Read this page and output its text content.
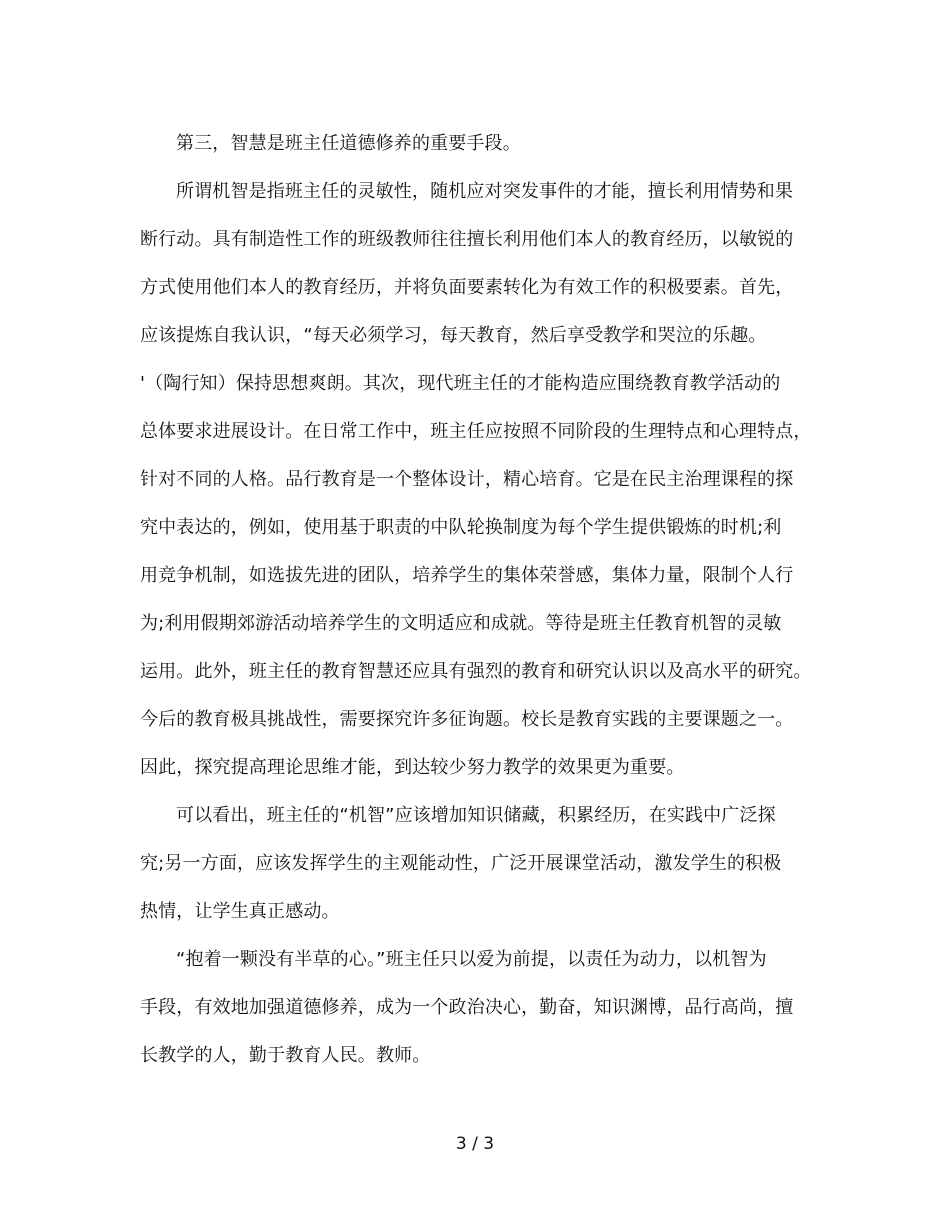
第三，智慧是班主任道德修养的重要手段。
所谓机智是指班主任的灵敏性，随机应对突发事件的才能，擅长利用情势和果
断行动。具有制造性工作的班级教师往往擅长利用他们本人的教育经历，以敏锐的
方式使用他们本人的教育经历，并将负面要素转化为有效工作的积极要素。首先，
应该提炼自我认识，“每天必须学习，每天教育，然后享受教学和哭泣的乐趣。
'（陶行知）保持思想爽朗。其次，现代班主任的才能构造应围绕教育教学活动的
总体要求进展设计。在日常工作中，班主任应按照不同阶段的生理特点和心理特点，
针对不同的人格。品行教育是一个整体设计，精心培育。它是在民主治理课程的探
究中表达的，例如，使用基于职责的中队轮换制度为每个学生提供锻炼的时机;利
用竞争机制，如选拔先进的团队，培养学生的集体荣誉感，集体力量，限制个人行
为;利用假期郊游活动培养学生的文明适应和成就。等待是班主任教育机智的灵敏
运用。此外，班主任的教育智慧还应具有强烈的教育和研究认识以及高水平的研究。
今后的教育极具挑战性，需要探究许多征询题。校长是教育实践的主要课题之一。
因此，探究提高理论思维才能，到达较少努力教学的效果更为重要。
可以看出，班主任的“机智”应该增加知识储藏，积累经历，在实践中广泛探
究;另一方面，应该发挥学生的主观能动性，广泛开展课堂活动，激发学生的积极
热情，让学生真正感动。
“抱着一颗没有半草的心。”班主任只以爱为前提，以责任为动力，以机智为
手段，有效地加强道德修养，成为一个政治决心，勤奋，知识渊博，品行高尚，擅
长教学的人，勤于教育人民。教师。
3 / 3
